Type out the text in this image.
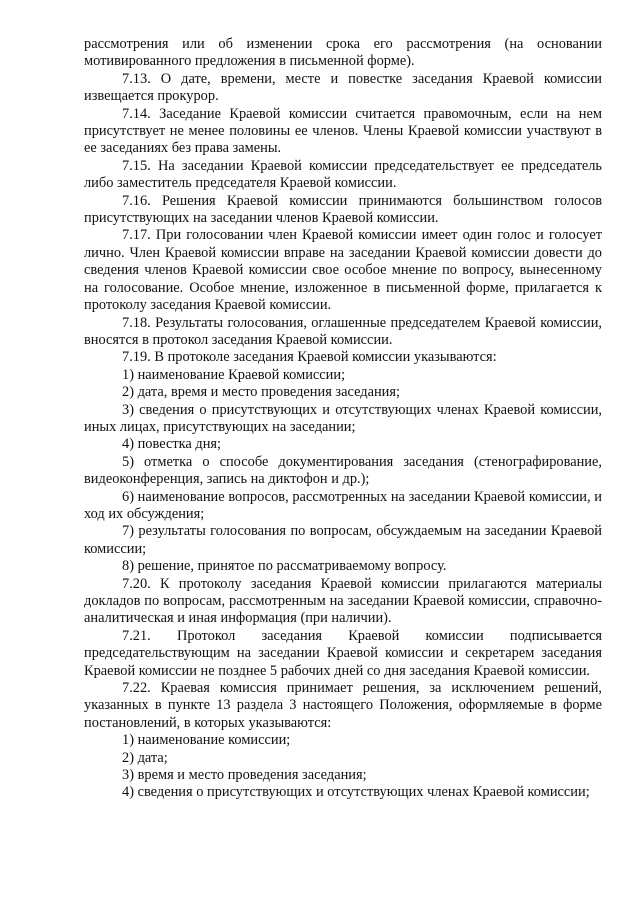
рассмотрения или об изменении срока его рассмотрения (на основании мотивированного предложения в письменной форме).

7.13. О дате, времени, месте и повестке заседания Краевой комиссии извещается прокурор.

7.14. Заседание Краевой комиссии считается правомочным, если на нем присутствует не менее половины ее членов. Члены Краевой комиссии участвуют в ее заседаниях без права замены.

7.15. На заседании Краевой комиссии председательствует ее председатель либо заместитель председателя Краевой комиссии.

7.16. Решения Краевой комиссии принимаются большинством голосов присутствующих на заседании членов Краевой комиссии.

7.17. При голосовании член Краевой комиссии имеет один голос и голосует лично. Член Краевой комиссии вправе на заседании Краевой комиссии довести до сведения членов Краевой комиссии свое особое мнение по вопросу, вынесенному на голосование. Особое мнение, изложенное в письменной форме, прилагается к протоколу заседания Краевой комиссии.

7.18. Результаты голосования, оглашенные председателем Краевой комиссии, вносятся в протокол заседания Краевой комиссии.

7.19. В протоколе заседания Краевой комиссии указываются:

1) наименование Краевой комиссии;

2) дата, время и место проведения заседания;

3) сведения о присутствующих и отсутствующих членах Краевой комиссии, иных лицах, присутствующих на заседании;

4) повестка дня;

5) отметка о способе документирования заседания (стенографирование, видеоконференция, запись на диктофон и др.);

6) наименование вопросов, рассмотренных на заседании Краевой комиссии, и ход их обсуждения;

7) результаты голосования по вопросам, обсуждаемым на заседании Краевой комиссии;

8) решение, принятое по рассматриваемому вопросу.

7.20. К протоколу заседания Краевой комиссии прилагаются материалы докладов по вопросам, рассмотренным на заседании Краевой комиссии, справочно-аналитическая и иная информация (при наличии).

7.21. Протокол заседания Краевой комиссии подписывается председательствующим на заседании Краевой комиссии и секретарем заседания Краевой комиссии не позднее 5 рабочих дней со дня заседания Краевой комиссии.

7.22. Краевая комиссия принимает решения, за исключением решений, указанных в пункте 13 раздела 3 настоящего Положения, оформляемые в форме постановлений, в которых указываются:

1) наименование комиссии;

2) дата;

3) время и место проведения заседания;

4) сведения о присутствующих и отсутствующих членах Краевой комиссии;
